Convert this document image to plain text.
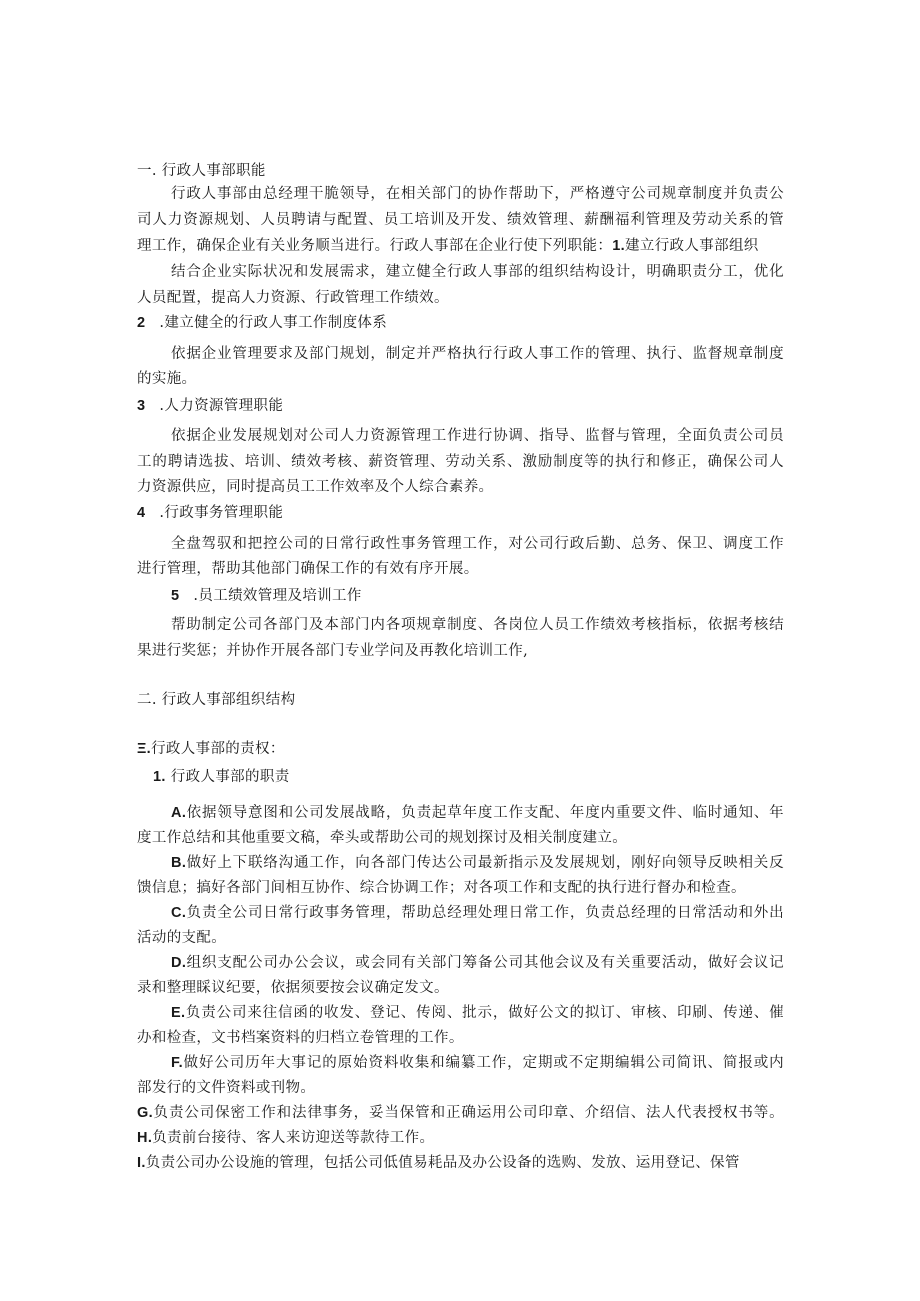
一. 行政人事部职能
行政人事部由总经理干脆领导，在相关部门的协作帮助下，严格遵守公司规章制度并负责公
司人力资源规划、人员聘请与配置、员工培训及开发、绩效管理、薪酬福利管理及劳动关系的管
理工作，确保企业有关业务顺当进行。行政人事部在企业行使下列职能：1.建立行政人事部组织
结合企业实际状况和发展需求，建立健全行政人事部的组织结构设计，明确职责分工，优化
人员配置，提高人力资源、行政管理工作绩效。
2 .建立健全的行政人事工作制度体系
依据企业管理要求及部门规划，制定并严格执行行政人事工作的管理、执行、监督规章制度
的实施。
3 .人力资源管理职能
依据企业发展规划对公司人力资源管理工作进行协调、指导、监督与管理，全面负责公司员
工的聘请选拔、培训、绩效考核、薪资管理、劳动关系、激励制度等的执行和修正，确保公司人
力资源供应，同时提高员工工作效率及个人综合素养。
4 .行政事务管理职能
全盘驾驭和把控公司的日常行政性事务管理工作，对公司行政后勤、总务、保卫、调度工作
进行管理，帮助其他部门确保工作的有效有序开展。
5 .员工绩效管理及培训工作
帮助制定公司各部门及本部门内各项规章制度、各岗位人员工作绩效考核指标，依据考核结
果进行奖惩；并协作开展各部门专业学问及再教化培训工作,
二. 行政人事部组织结构
Ξ.行政人事部的责权：
1. 行政人事部的职责
A.依据领导意图和公司发展战略，负责起草年度工作支配、年度内重要文件、临时通知、年
度工作总结和其他重要文稿，牵头或帮助公司的规划探讨及相关制度建立。
B.做好上下联络沟通工作，向各部门传达公司最新指示及发展规划，刚好向领导反映相关反
馈信息；搞好各部门间相互协作、综合协调工作；对各项工作和支配的执行进行督办和检查。
C.负责全公司日常行政事务管理，帮助总经理处理日常工作，负责总经理的日常活动和外出
活动的支配。
D.组织支配公司办公会议，或会同有关部门筹备公司其他会议及有关重要活动，做好会议记
录和整理睬议纪要，依据须要按会议确定发文。
E.负责公司来往信函的收发、登记、传阅、批示，做好公文的拟订、审核、印刷、传递、催
办和检查，文书档案资料的归档立卷管理的工作。
F.做好公司历年大事记的原始资料收集和编纂工作，定期或不定期编辑公司简讯、简报或内
部发行的文件资料或刊物。
G.负责公司保密工作和法律事务，妥当保管和正确运用公司印章、介绍信、法人代表授权书等。
H.负责前台接待、客人来访迎送等款待工作。
I.负责公司办公设施的管理，包括公司低值易耗品及办公设备的选购、发放、运用登记、保管
